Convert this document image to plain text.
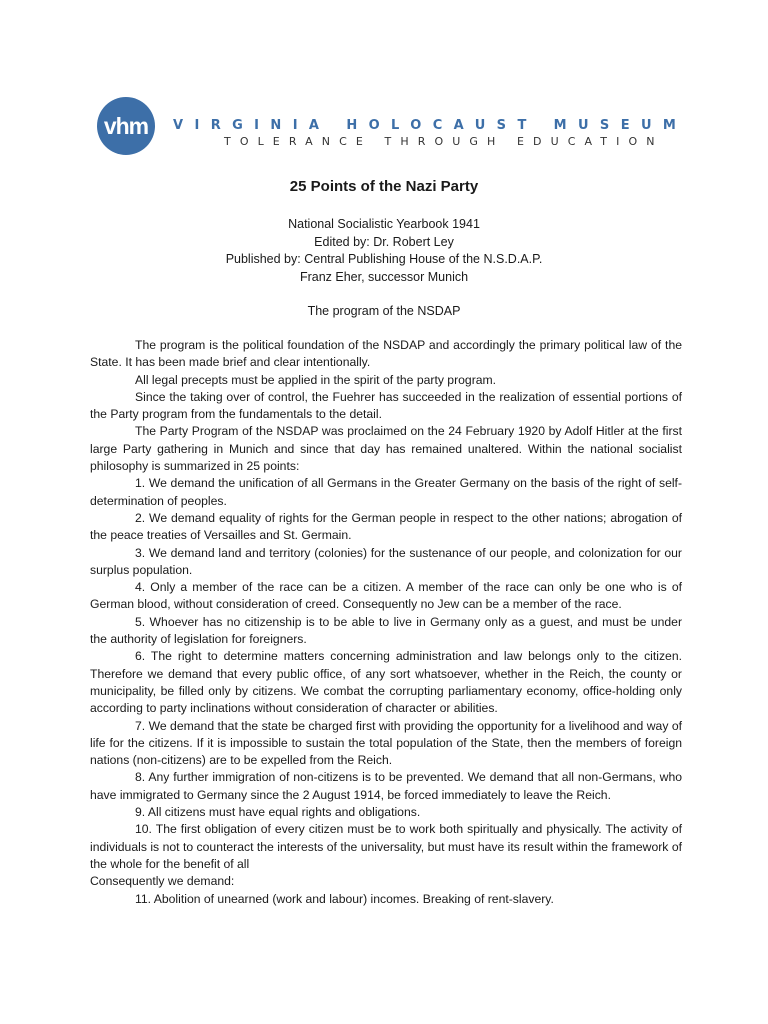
vhm	VIRGINIA HOLOCAUST MUSEUM
TOLERANCE THROUGH EDUCATION
25 Points of the Nazi Party
National Socialistic Yearbook 1941
Edited by: Dr. Robert Ley
Published by: Central Publishing House of the N.S.D.A.P.
Franz Eher, successor Munich
The program of the NSDAP

The program is the political foundation of the NSDAP and accordingly the primary political law of the State. It has been made brief and clear intentionally.

All legal precepts must be applied in the spirit of the party program.

Since the taking over of control, the Fuehrer has succeeded in the realization of essential portions of the Party program from the fundamentals to the detail.

The Party Program of the NSDAP was proclaimed on the 24 February 1920 by Adolf Hitler at the first large Party gathering in Munich and since that day has remained unaltered. Within the national socialist philosophy is summarized in 25 points:

1. We demand the unification of all Germans in the Greater Germany on the basis of the right of self-determination of peoples.

2. We demand equality of rights for the German people in respect to the other nations; abrogation of the peace treaties of Versailles and St. Germain.

3. We demand land and territory (colonies) for the sustenance of our people, and colonization for our surplus population.

4. Only a member of the race can be a citizen. A member of the race can only be one who is of German blood, without consideration of creed. Consequently no Jew can be a member of the race.

5. Whoever has no citizenship is to be able to live in Germany only as a guest, and must be under the authority of legislation for foreigners.

6. The right to determine matters concerning administration and law belongs only to the citizen. Therefore we demand that every public office, of any sort whatsoever, whether in the Reich, the county or municipality, be filled only by citizens. We combat the corrupting parliamentary economy, office-holding only according to party inclinations without consideration of character or abilities.

7. We demand that the state be charged first with providing the opportunity for a livelihood and way of life for the citizens. If it is impossible to sustain the total population of the State, then the members of foreign nations (non-citizens) are to be expelled from the Reich.

8. Any further immigration of non-citizens is to be prevented. We demand that all non-Germans, who have immigrated to Germany since the 2 August 1914, be forced immediately to leave the Reich.

9. All citizens must have equal rights and obligations.

10. The first obligation of every citizen must be to work both spiritually and physically. The activity of individuals is not to counteract the interests of the universality, but must have its result within the framework of the whole for the benefit of all

Consequently we demand:

11. Abolition of unearned (work and labour) incomes. Breaking of rent-slavery.
